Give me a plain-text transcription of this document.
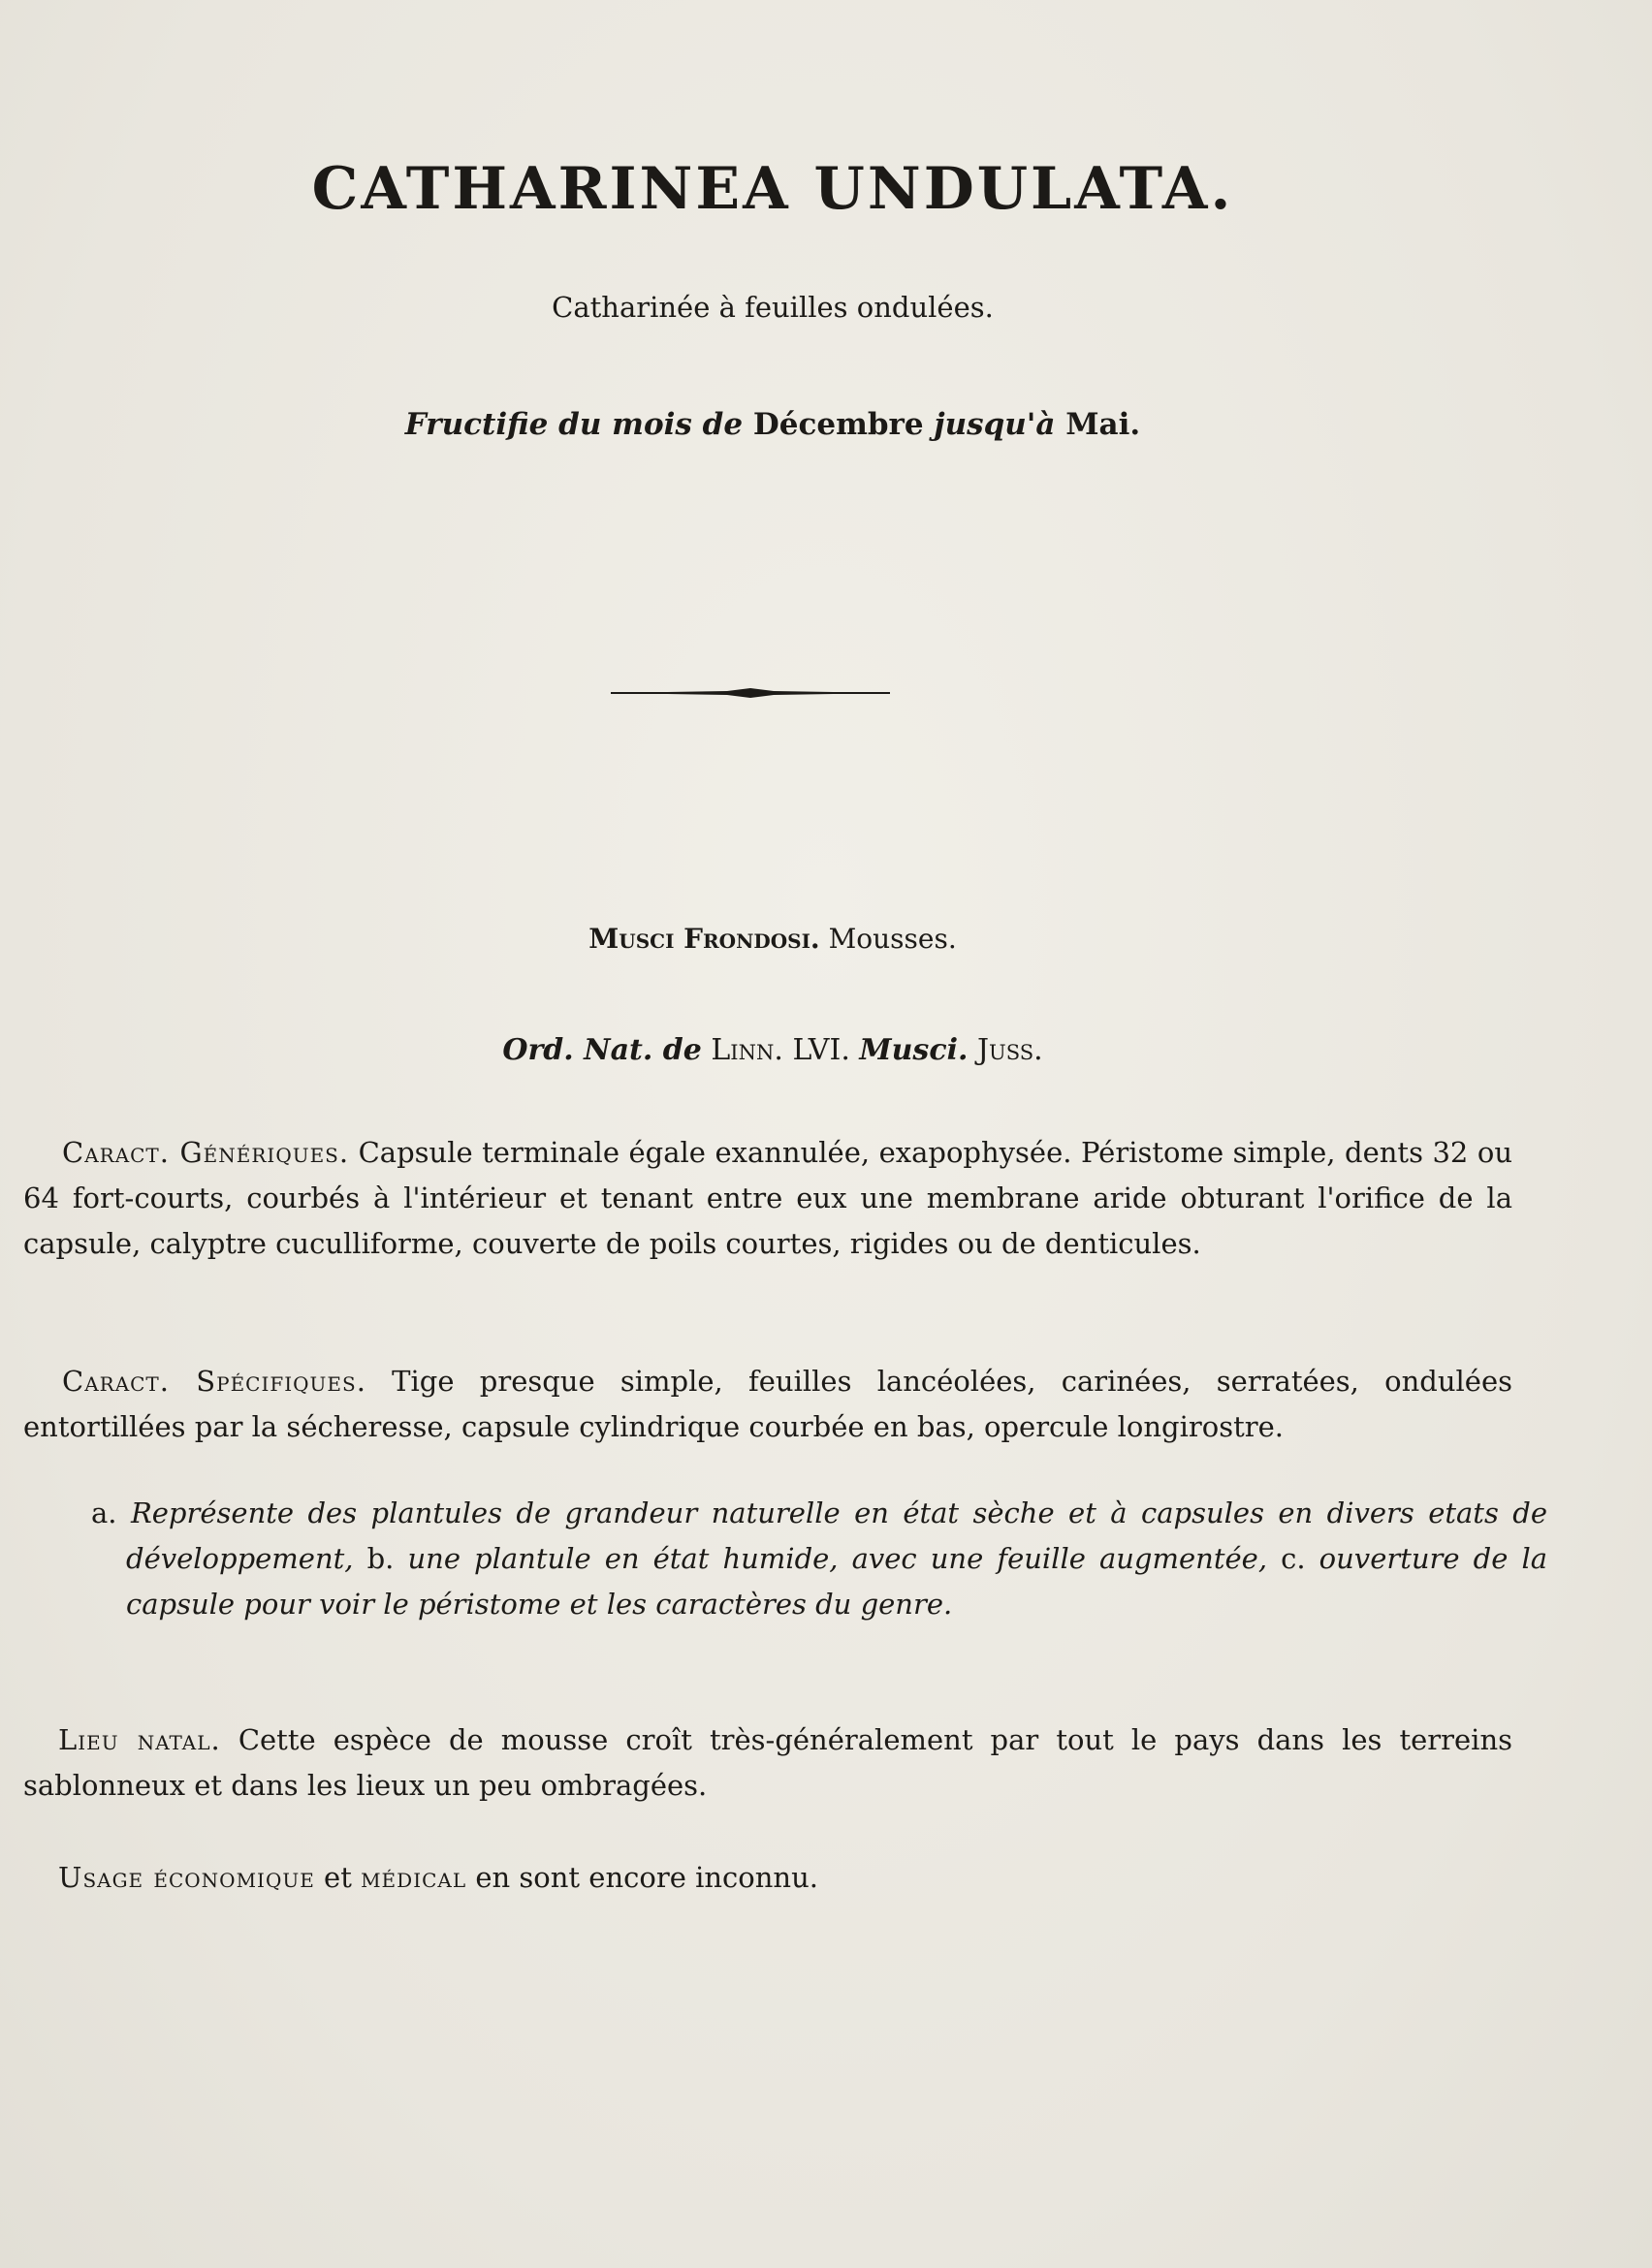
CATHARINEA UNDULATA.
Catharinée à feuilles ondulées.
Fructifie du mois de Décembre jusqu'à Mai.
Musci Frondosi. Mousses.
Ord. Nat. de Linn. LVI. Musci. Juss.
Caract. Génériques. Capsule terminale égale exannulée, exapophysée. Péristome simple, dents 32 ou 64 fort-courts, courbés à l'intérieur et tenant entre eux une membrane aride obturant l'orifice de la capsule, calyptre cuculliforme, couverte de poils courtes, rigides ou de denticules.
Caract. Spécifiques. Tige presque simple, feuilles lancéolées, carinées, serratées, ondulées entortillées par la sécheresse, capsule cylindrique courbée en bas, opercule longirostre.
a. Représente des plantules de grandeur naturelle en état sèche et à capsules en divers etats de développement, b. une plantule en état humide, avec une feuille augmentée, c. ouverture de la capsule pour voir le péristome et les caractères du genre.
Lieu natal. Cette espèce de mousse croît très-généralement par tout le pays dans les terreins sablonneux et dans les lieux un peu ombragées.
Usage économique et médical en sont encore inconnu.
